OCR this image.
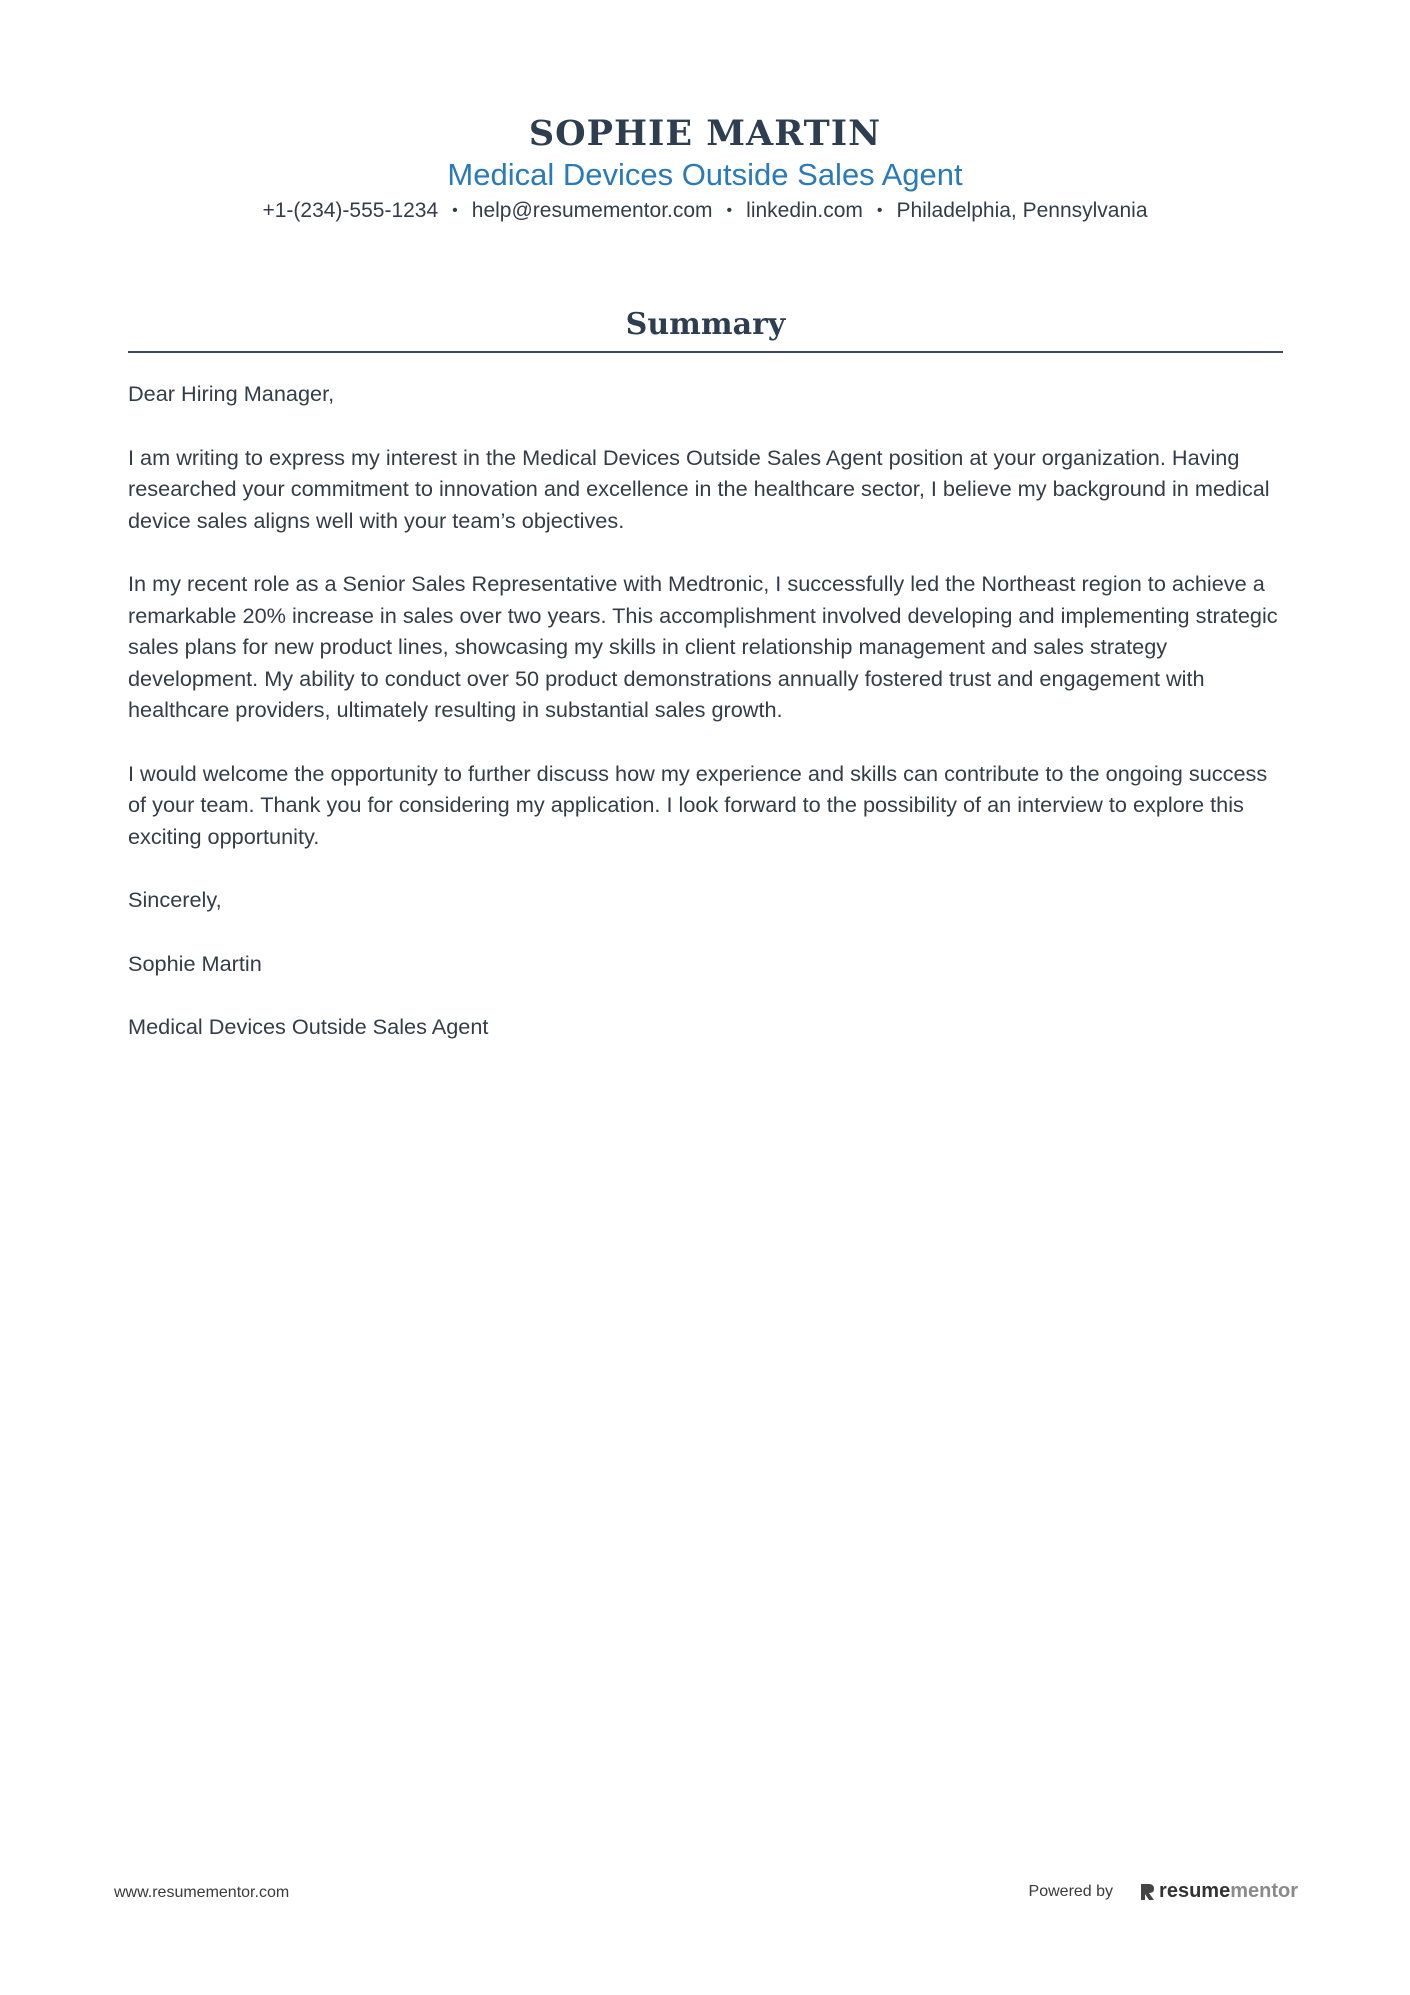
SOPHIE MARTIN
Medical Devices Outside Sales Agent
+1-(234)-555-1234 • help@resumementor.com • linkedin.com • Philadelphia, Pennsylvania
Summary

Dear Hiring Manager,

I am writing to express my interest in the Medical Devices Outside Sales Agent position at your organization. Having researched your commitment to innovation and excellence in the healthcare sector, I believe my background in medical device sales aligns well with your team’s objectives.

In my recent role as a Senior Sales Representative with Medtronic, I successfully led the Northeast region to achieve a remarkable 20% increase in sales over two years. This accomplishment involved developing and implementing strategic sales plans for new product lines, showcasing my skills in client relationship management and sales strategy development. My ability to conduct over 50 product demonstrations annually fostered trust and engagement with healthcare providers, ultimately resulting in substantial sales growth.

I would welcome the opportunity to further discuss how my experience and skills can contribute to the ongoing success of your team. Thank you for considering my application. I look forward to the possibility of an interview to explore this exciting opportunity.

Sincerely,

Sophie Martin

Medical Devices Outside Sales Agent

www.resumementor.com	Powered by resume mentor
